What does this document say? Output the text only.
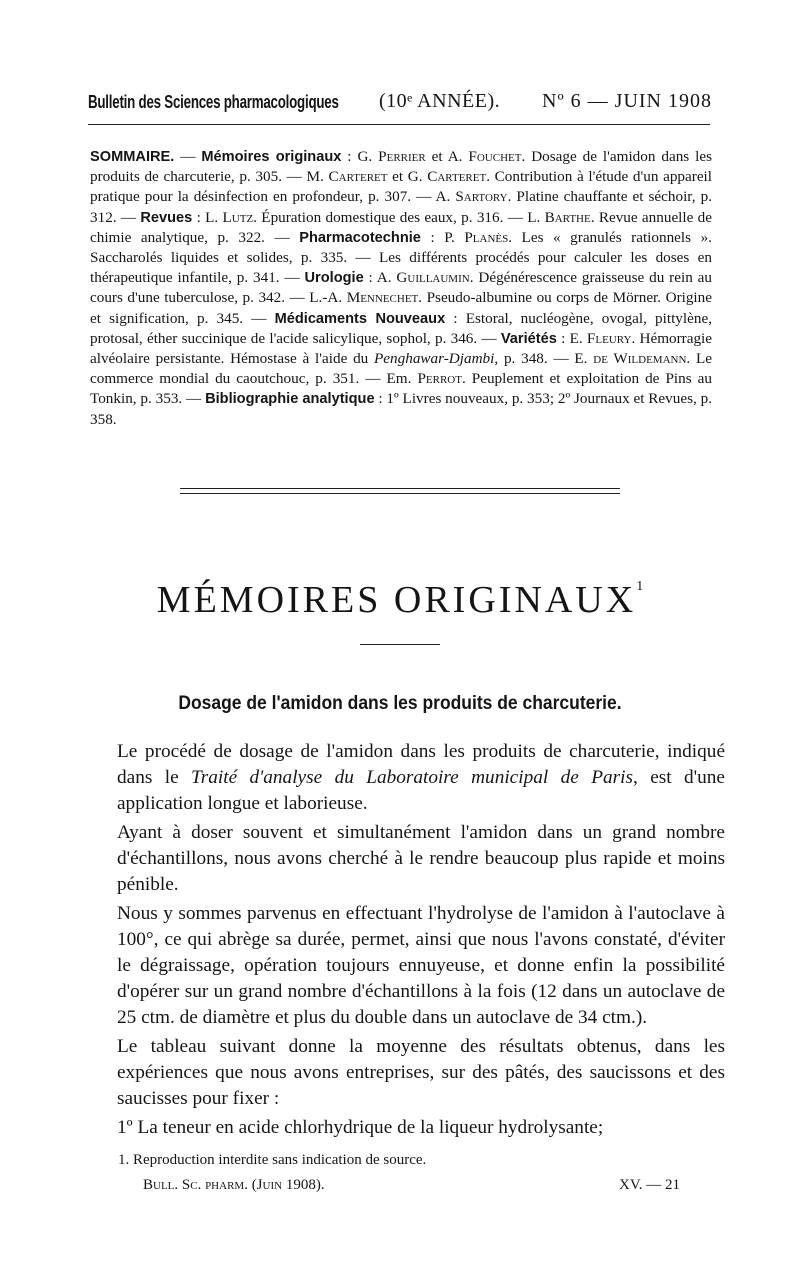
Bulletin des Sciences pharmacologiques (10ᵉ ANNÉE). Nº 6 — JUIN 1908
SOMMAIRE. — Mémoires originaux : G. Perrier et A. Fouchet. Dosage de l'amidon dans les produits de charcuterie, p. 305. — M. Carteret et G. Carteret. Contribution à l'étude d'un appareil pratique pour la désinfection en profondeur, p. 307. — A. Sartory. Platine chauffante et séchoir, p. 312. — Revues : L. Lutz. Épuration domestique des eaux, p. 316. — L. Barthe. Revue annuelle de chimie analytique, p. 322. — Pharmacotechnie : P. Planès. Les « granulés rationnels ». Saccharolés liquides et solides, p. 335. — Les différents procédés pour calculer les doses en thérapeutique infantile, p. 341. — Urologie : A. Guillaumin. Dégénérescence graisseuse du rein au cours d'une tuberculose, p. 342. — L.-A. Mennechet. Pseudo-albumine ou corps de Mörner. Origine et signification, p. 345. — Médicaments Nouveaux : Estoral, nucléogène, ovogal, pittylène, protosal, éther succinique de l'acide salicylique, sophol, p. 346. — Variétés : E. Fleury. Hémorragie alvéolaire persistante. Hémostase à l'aide du Penghawar-Djambi, p. 348. — E. de Wildemann. Le commerce mondial du caoutchouc, p. 351. — Em. Perrot. Peuplement et exploitation de Pins au Tonkin, p. 353. — Bibliographie analytique : 1º Livres nouveaux, p. 353; 2º Journaux et Revues, p. 358.
MÉMOIRES ORIGINAUX$^1$
Dosage de l'amidon dans les produits de charcuterie.

Le procédé de dosage de l'amidon dans les produits de charcuterie, indiqué dans le Traité d'analyse du Laboratoire municipal de Paris, est d'une application longue et laborieuse.

Ayant à doser souvent et simultanément l'amidon dans un grand nombre d'échantillons, nous avons cherché à le rendre beaucoup plus rapide et moins pénible.

Nous y sommes parvenus en effectuant l'hydrolyse de l'amidon à l'autoclave à 100°, ce qui abrège sa durée, permet, ainsi que nous l'avons constaté, d'éviter le dégraissage, opération toujours ennuyeuse, et donne enfin la possibilité d'opérer sur un grand nombre d'échantillons à la fois (12 dans un autoclave de 25 ctm. de diamètre et plus du double dans un autoclave de 34 ctm.).

Le tableau suivant donne la moyenne des résultats obtenus, dans les expériences que nous avons entreprises, sur des pâtés, des saucissons et des saucisses pour fixer :

1º La teneur en acide chlorhydrique de la liqueur hydrolysante;

1. Reproduction interdite sans indication de source.
Bull. Sc. pharm. (Juin 1908).	XV. — 21
